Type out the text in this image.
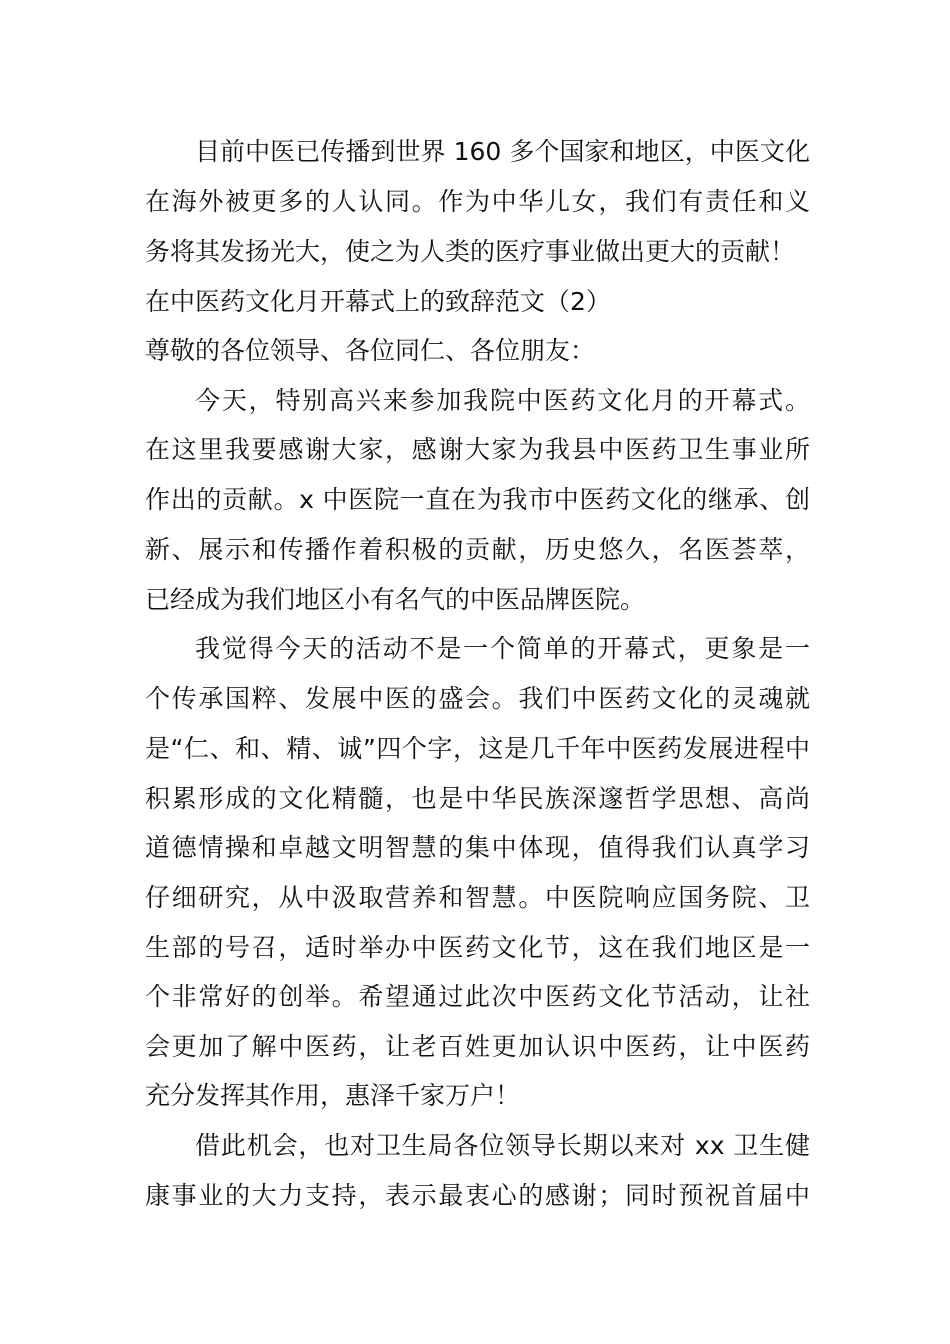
目前中医已传播到世界 160 多个国家和地区，中医文化
在海外被更多的人认同。作为中华儿女，我们有责任和义
务将其发扬光大，使之为人类的医疗事业做出更大的贡献！
在中医药文化月开幕式上的致辞范文（2）
尊敬的各位领导、各位同仁、各位朋友：
今天，特别高兴来参加我院中医药文化月的开幕式。
在这里我要感谢大家，感谢大家为我县中医药卫生事业所
作出的贡献。x 中医院一直在为我市中医药文化的继承、创
新、展示和传播作着积极的贡献，历史悠久，名医荟萃，
已经成为我们地区小有名气的中医品牌医院。
我觉得今天的活动不是一个简单的开幕式，更象是一
个传承国粹、发展中医的盛会。我们中医药文化的灵魂就
是“仁、和、精、诚”四个字，这是几千年中医药发展进程中
积累形成的文化精髓，也是中华民族深邃哲学思想、高尚
道德情操和卓越文明智慧的集中体现，值得我们认真学习
仔细研究，从中汲取营养和智慧。中医院响应国务院、卫
生部的号召，适时举办中医药文化节，这在我们地区是一
个非常好的创举。希望通过此次中医药文化节活动，让社
会更加了解中医药，让老百姓更加认识中医药，让中医药
充分发挥其作用，惠泽千家万户！
借此机会，也对卫生局各位领导长期以来对 xx 卫生健
康事业的大力支持，表示最衷心的感谢；同时预祝首届中
